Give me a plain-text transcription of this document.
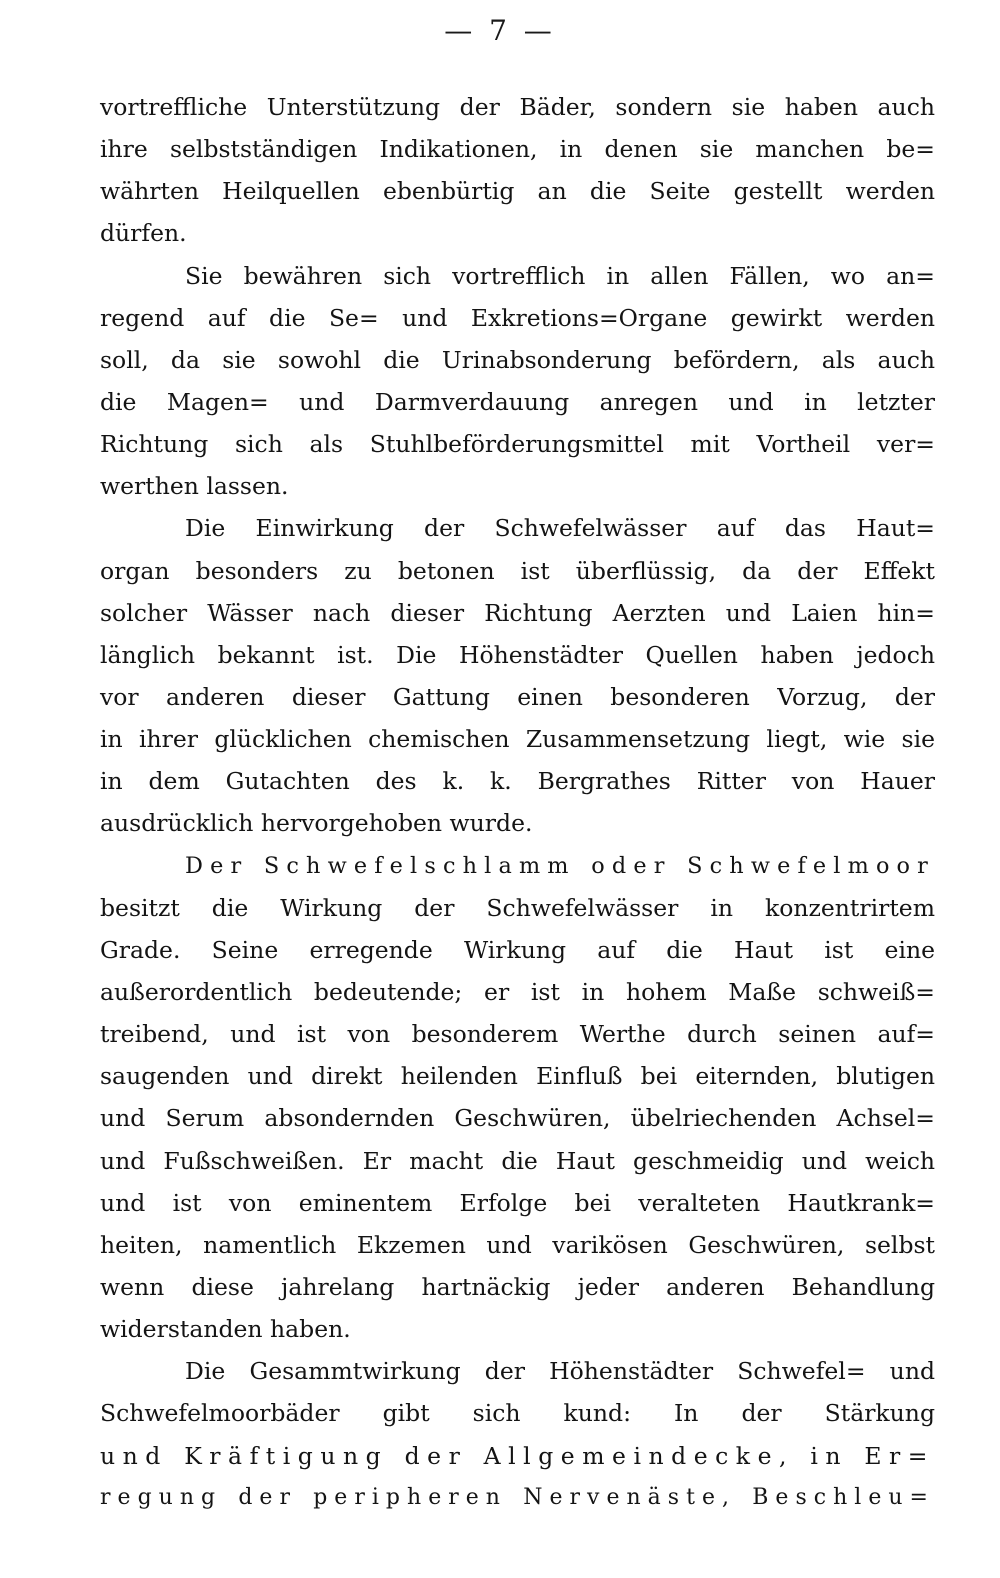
— 7 —
vortreffliche Unterstützung der Bäder, sondern sie haben auch
ihre selbstständigen Indikationen, in denen sie manchen be=
währten Heilquellen ebenbürtig an die Seite gestellt werden
dürfen.
Sie bewähren sich vortrefflich in allen Fällen, wo an=
regend auf die Se= und Exkretions=Organe gewirkt werden
soll, da sie sowohl die Urinabsonderung befördern, als auch
die Magen= und Darmverdauung anregen und in letzter
Richtung sich als Stuhlbeförderungsmittel mit Vortheil ver=
werthen lassen.
Die Einwirkung der Schwefelwässer auf das Haut=
organ besonders zu betonen ist überflüssig, da der Effekt
solcher Wässer nach dieser Richtung Aerzten und Laien hin=
länglich bekannt ist. Die Höhenstädter Quellen haben jedoch
vor anderen dieser Gattung einen besonderen Vorzug, der
in ihrer glücklichen chemischen Zusammensetzung liegt, wie sie
in dem Gutachten des k. k. Bergrathes Ritter von Hauer
ausdrücklich hervorgehoben wurde.
Der Schwefelschlamm oder Schwefelmoor
besitzt die Wirkung der Schwefelwässer in konzentrirtem
Grade. Seine erregende Wirkung auf die Haut ist eine
außerordentlich bedeutende; er ist in hohem Maße schweiß=
treibend, und ist von besonderem Werthe durch seinen auf=
saugenden und direkt heilenden Einfluß bei eiternden, blutigen
und Serum absondernden Geschwüren, übelriechenden Achsel=
und Fußschweißen. Er macht die Haut geschmeidig und weich
und ist von eminentem Erfolge bei veralteten Hautkrank=
heiten, namentlich Ekzemen und varikösen Geschwüren, selbst
wenn diese jahrelang hartnäckig jeder anderen Behandlung
widerstanden haben.
Die Gesammtwirkung der Höhenstädter Schwefel= und
Schwefelmoorbäder gibt sich kund: In der Stärkung
und Kräftigung der Allgemeindecke, in Er=
regung der peripheren Nervenäste, Beschleu=
